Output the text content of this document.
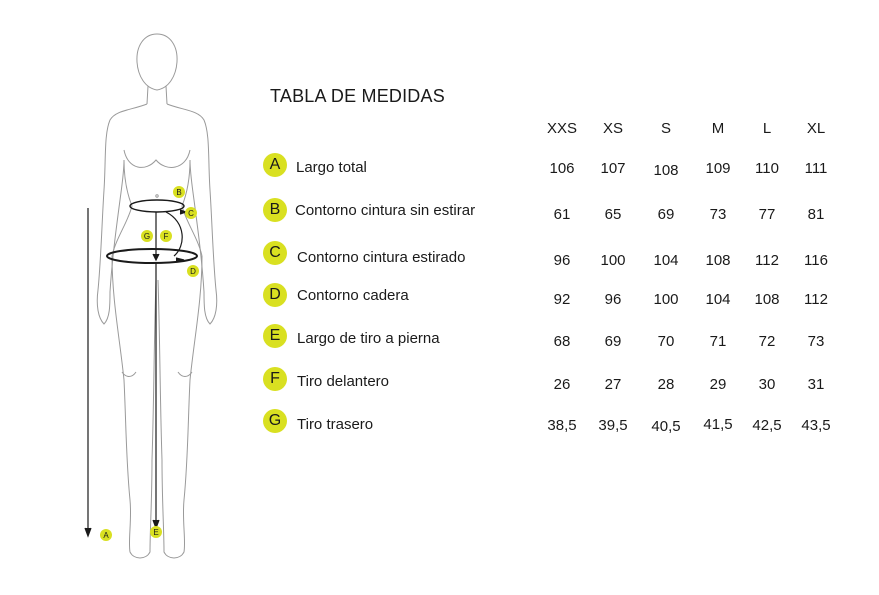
B
C
G F
D
A	E
TABLA DE MEDIDAS
XXS	XS	S	M	L	XL
A	Largo total	106	107	108	109	110	111
B Contorno cintura sin estirar	61	65	69	73	77	81
C	Contorno cintura estirado	96	100	104	108	112	116
D	Contorno cadera	92	96	100	104	108	112
E	Largo de tiro a pierna	68	69	70	71	72	73
F	Tiro delantero	26	27	28	29	30	31
G	Tiro trasero	38,5	39,5	40,5	41,5	42,5	43,5
